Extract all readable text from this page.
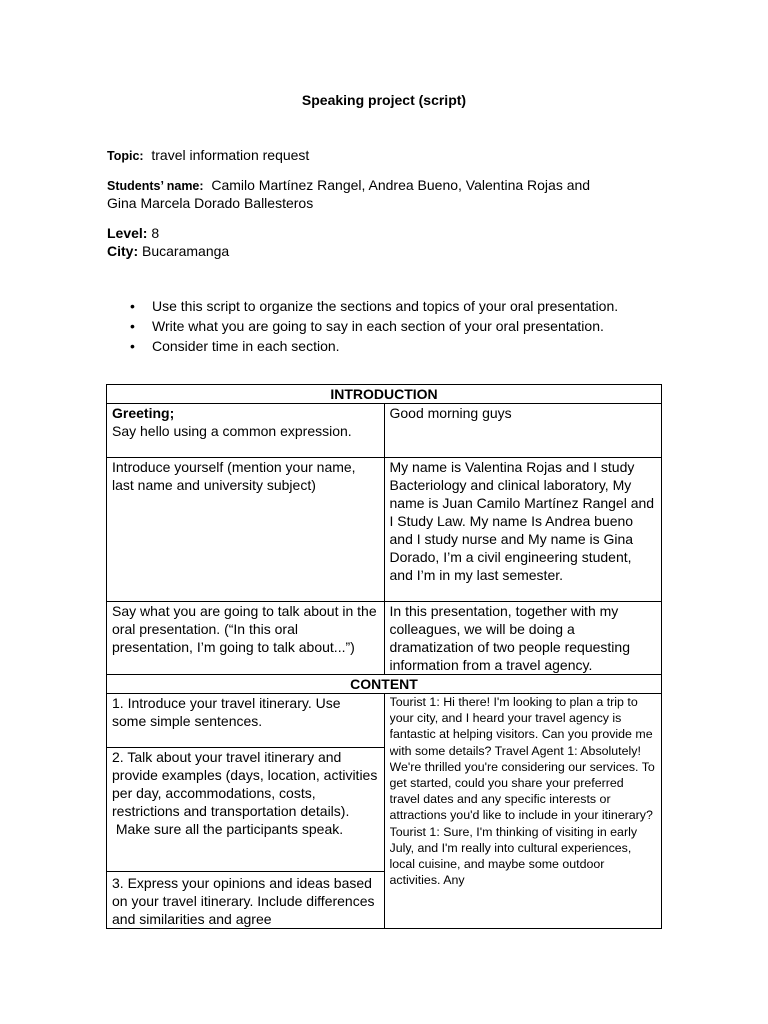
Speaking project (script)
Topic: travel information request
Students’ name: Camilo Martínez Rangel, Andrea Bueno, Valentina Rojas and
Gina Marcela Dorado Ballesteros
Level: 8
City: Bucaramanga
• Use this script to organize the sections and topics of your oral presentation.
• Write what you are going to say in each section of your oral presentation.
• Consider time in each section.
INTRODUCTION	

Greeting;
Say hello using a common expression.	Good morning guys
Introduce yourself (mention your name, last name and university subject)	My name is Valentina Rojas and I study Bacteriology and clinical laboratory, My name is Juan Camilo Martínez Rangel and I Study Law. My name Is Andrea bueno and I study nurse and My name is Gina Dorado, I’m a civil engineering student, and I’m in my last semester.
Say what you are going to talk about in the oral presentation. (“In this oral presentation, I’m going to talk about...”)	In this presentation, together with my colleagues, we will be doing a dramatization of two people requesting information from a travel agency.
CONTENT	
1. Introduce your travel itinerary. Use some simple sentences.	Tourist 1: Hi there! I'm looking to plan a trip to your city, and I heard your travel agency is fantastic at helping visitors. Can you provide me with some details? Travel Agent 1: Absolutely! We're thrilled you're considering our services. To get started, could you share your preferred travel dates and any specific interests or attractions you'd like to include in your itinerary? Tourist 1: Sure, I'm thinking of visiting in early July, and I'm really into cultural experiences, local cuisine, and maybe some outdoor activities. Any

2. Talk about your travel itinerary and provide examples (days, location, activities per day, accommodations, costs, restrictions and transportation details).
Make sure all the participants speak.	

3. Express your opinions and ideas based on your travel itinerary. Include differences and similarities and agree	
